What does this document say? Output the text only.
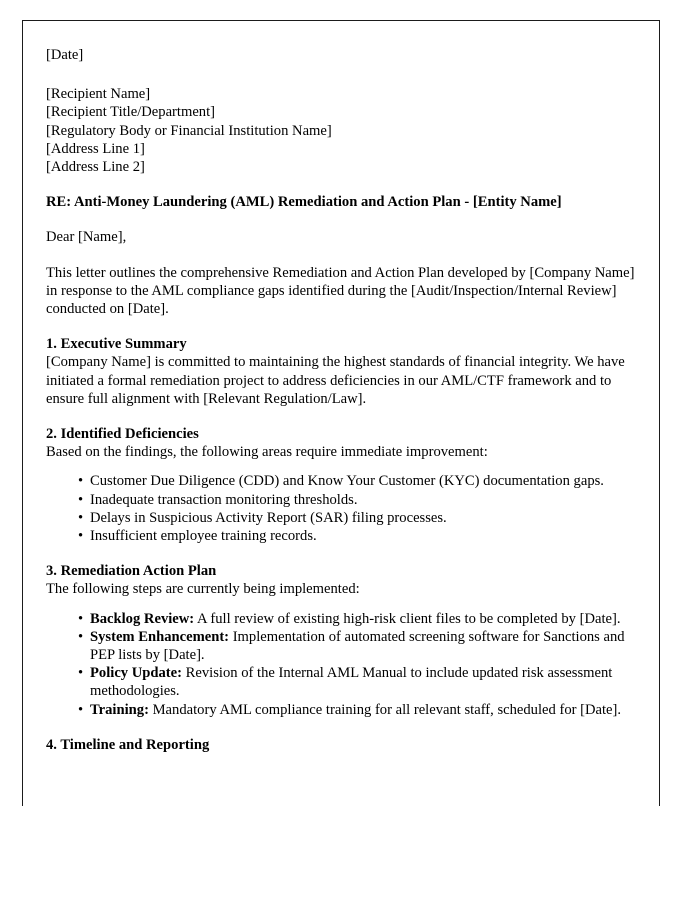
[Date]
[Recipient Name]
[Recipient Title/Department]
[Regulatory Body or Financial Institution Name]
[Address Line 1]
[Address Line 2]
RE: Anti-Money Laundering (AML) Remediation and Action Plan - [Entity Name]
Dear [Name],

This letter outlines the comprehensive Remediation and Action Plan developed by [Company Name] in response to the AML compliance gaps identified during the [Audit/Inspection/Internal Review] conducted on [Date].

1. Executive Summary

[Company Name] is committed to maintaining the highest standards of financial integrity. We have initiated a formal remediation project to address deficiencies in our AML/CTF framework and to ensure full alignment with [Relevant Regulation/Law].

2. Identified Deficiencies

Based on the findings, the following areas require immediate improvement:

• Customer Due Diligence (CDD) and Know Your Customer (KYC) documentation gaps.
• Inadequate transaction monitoring thresholds.
• Delays in Suspicious Activity Report (SAR) filing processes.
• Insufficient employee training records.
3. Remediation Action Plan

The following steps are currently being implemented:

• Backlog Review: A full review of existing high-risk client files to be completed by [Date].
• System Enhancement: Implementation of automated screening software for Sanctions and PEP lists by [Date].
• Policy Update: Revision of the Internal AML Manual to include updated risk assessment methodologies.
• Training: Mandatory AML compliance training for all relevant staff, scheduled for [Date].
4. Timeline and Reporting
